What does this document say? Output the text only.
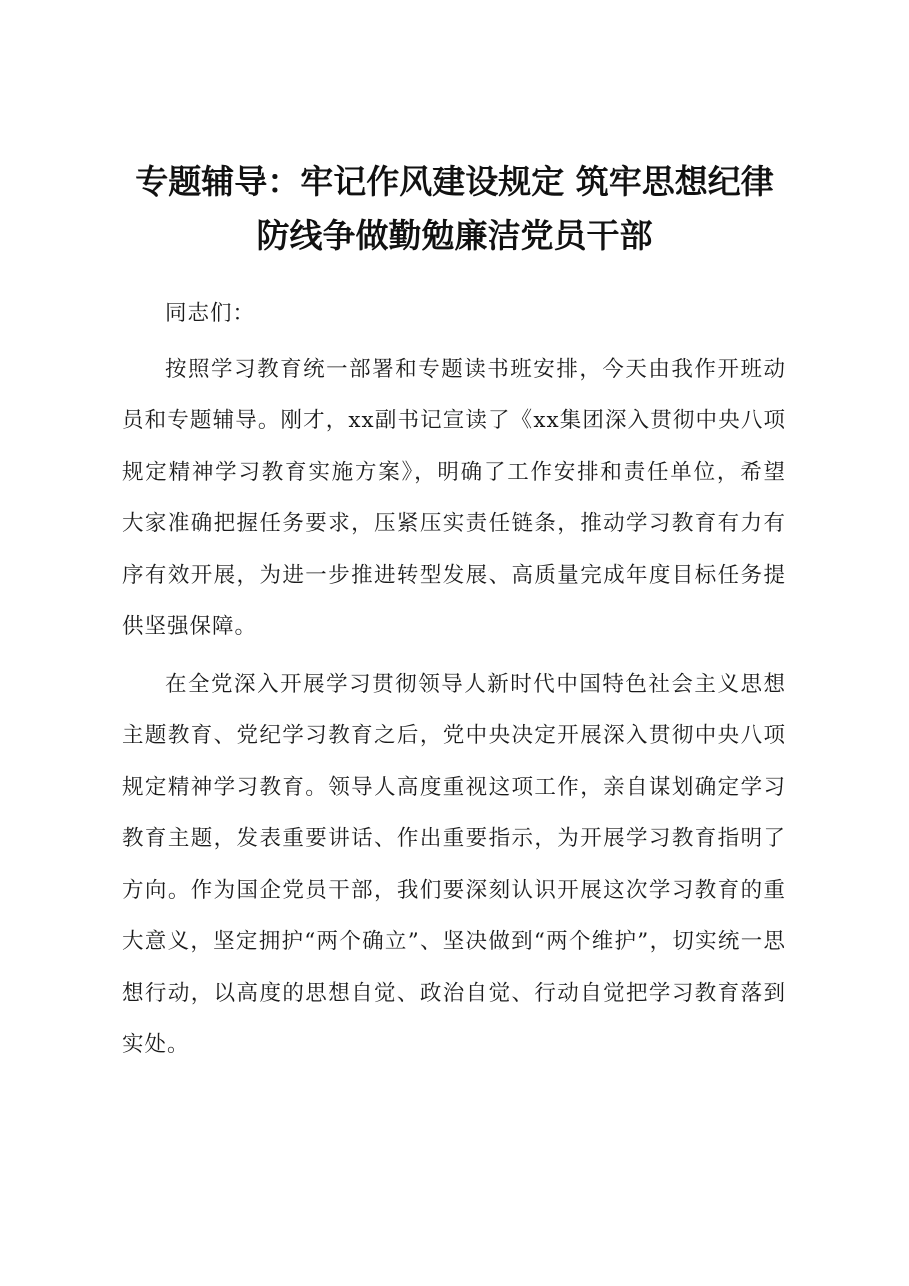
专题辅导：牢记作风建设规定 筑牢思想纪律
防线争做勤勉廉洁党员干部

同志们：

按照学习教育统一部署和专题读书班安排，今天由我作开班动员和专题辅导。刚才，xx副书记宣读了《xx集团深入贯彻中央八项规定精神学习教育实施方案》，明确了工作安排和责任单位，希望大家准确把握任务要求，压紧压实责任链条，推动学习教育有力有序有效开展，为进一步推进转型发展、高质量完成年度目标任务提供坚强保障。

在全党深入开展学习贯彻领导人新时代中国特色社会主义思想主题教育、党纪学习教育之后，党中央决定开展深入贯彻中央八项规定精神学习教育。领导人高度重视这项工作，亲自谋划确定学习教育主题，发表重要讲话、作出重要指示，为开展学习教育指明了方向。作为国企党员干部，我们要深刻认识开展这次学习教育的重大意义，坚定拥护“两个确立”、坚决做到“两个维护”，切实统一思想行动，以高度的思想自觉、政治自觉、行动自觉把学习教育落到实处。
